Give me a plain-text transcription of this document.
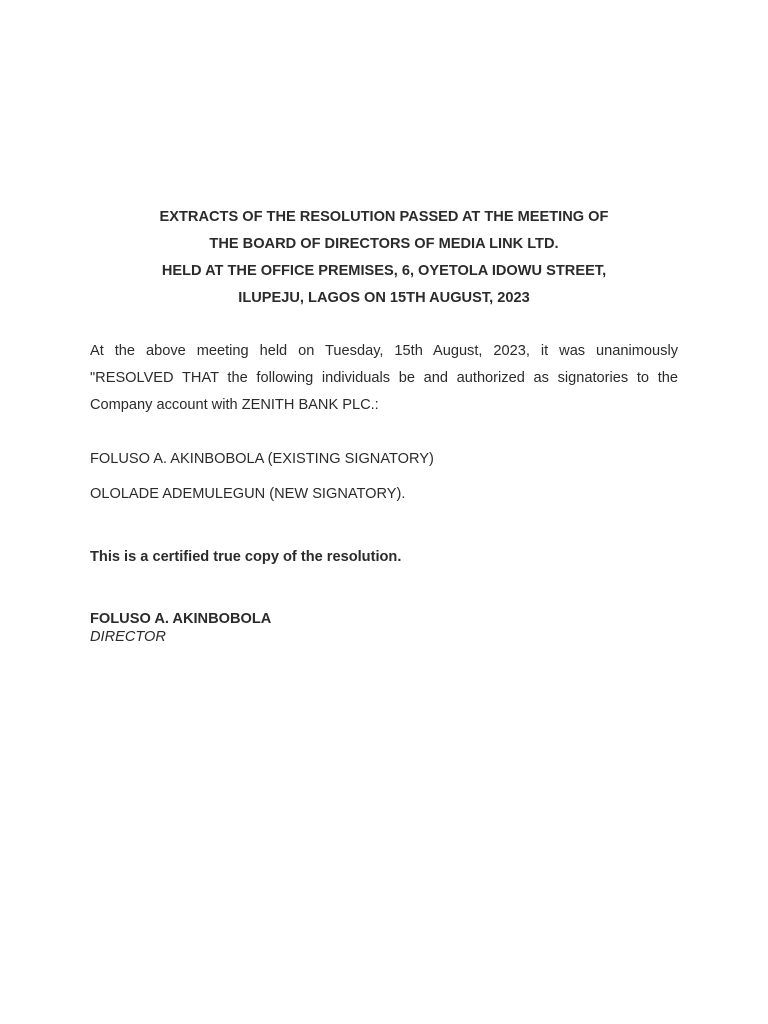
EXTRACTS OF THE RESOLUTION PASSED AT THE MEETING OF
THE BOARD OF DIRECTORS OF MEDIA LINK LTD.
HELD AT THE OFFICE PREMISES, 6, OYETOLA IDOWU STREET,
ILUPEJU, LAGOS ON 15TH AUGUST, 2023
At the above meeting held on Tuesday, 15th August, 2023, it was unanimously "RESOLVED THAT the following individuals be and authorized as signatories to the Company account with ZENITH BANK PLC.:
FOLUSO A. AKINBOBOLA (EXISTING SIGNATORY)
OLOLADE ADEMULEGUN (NEW SIGNATORY).
This is a certified true copy of the resolution.
FOLUSO A. AKINBOBOLA
DIRECTOR
